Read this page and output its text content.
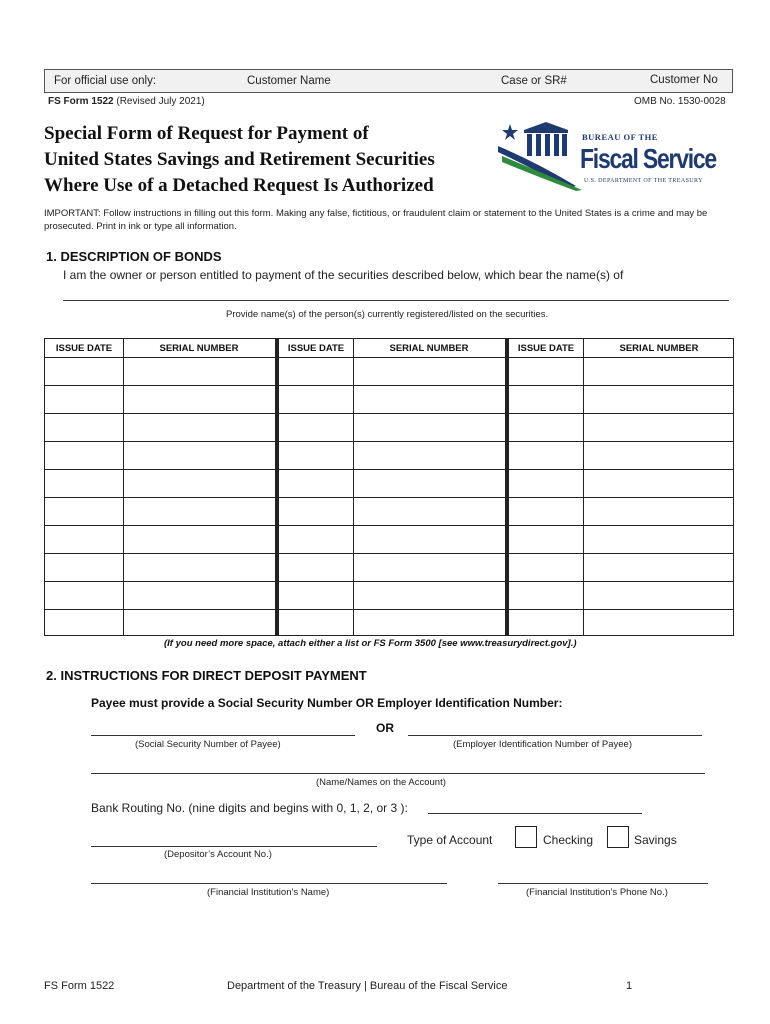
For official use only:	Customer Name	Case or SR#	Customer No
FS Form 1522 (Revised July 2021)	OMB No. 1530-0028
Special Form of Request for Payment of
United States Savings and Retirement Securities
Where Use of a Detached Request Is Authorized
BUREAU OF THE
Fiscal Service
U.S. DEPARTMENT OF THE TREASURY
IMPORTANT: Follow instructions in filling out this form. Making any false, fictitious, or fraudulent claim or statement to the United States is a crime and may be prosecuted. Print in ink or type all information.
1. DESCRIPTION OF BONDS
I am the owner or person entitled to payment of the securities described below, which bear the name(s) of
Provide name(s) of the person(s) currently registered/listed on the securities.
ISSUE DATE	SERIAL NUMBER	ISSUE DATE	SERIAL NUMBER	ISSUE DATE	SERIAL NUMBER
(If you need more space, attach either a list or FS Form 3500 [see www.treasurydirect.gov].)
2. INSTRUCTIONS FOR DIRECT DEPOSIT PAYMENT
Payee must provide a Social Security Number OR Employer Identification Number:
OR
(Social Security Number of Payee)	(Employer Identification Number of Payee)
(Name/Names on the Account)
Bank Routing No. (nine digits and begins with 0, 1, 2, or 3 ):
(Depositor’s Account No.)
Type of Account	Checking	Savings
(Financial Institution’s Name)	(Financial Institution’s Phone No.)
FS Form 1522	Department of the Treasury | Bureau of the Fiscal Service	1
